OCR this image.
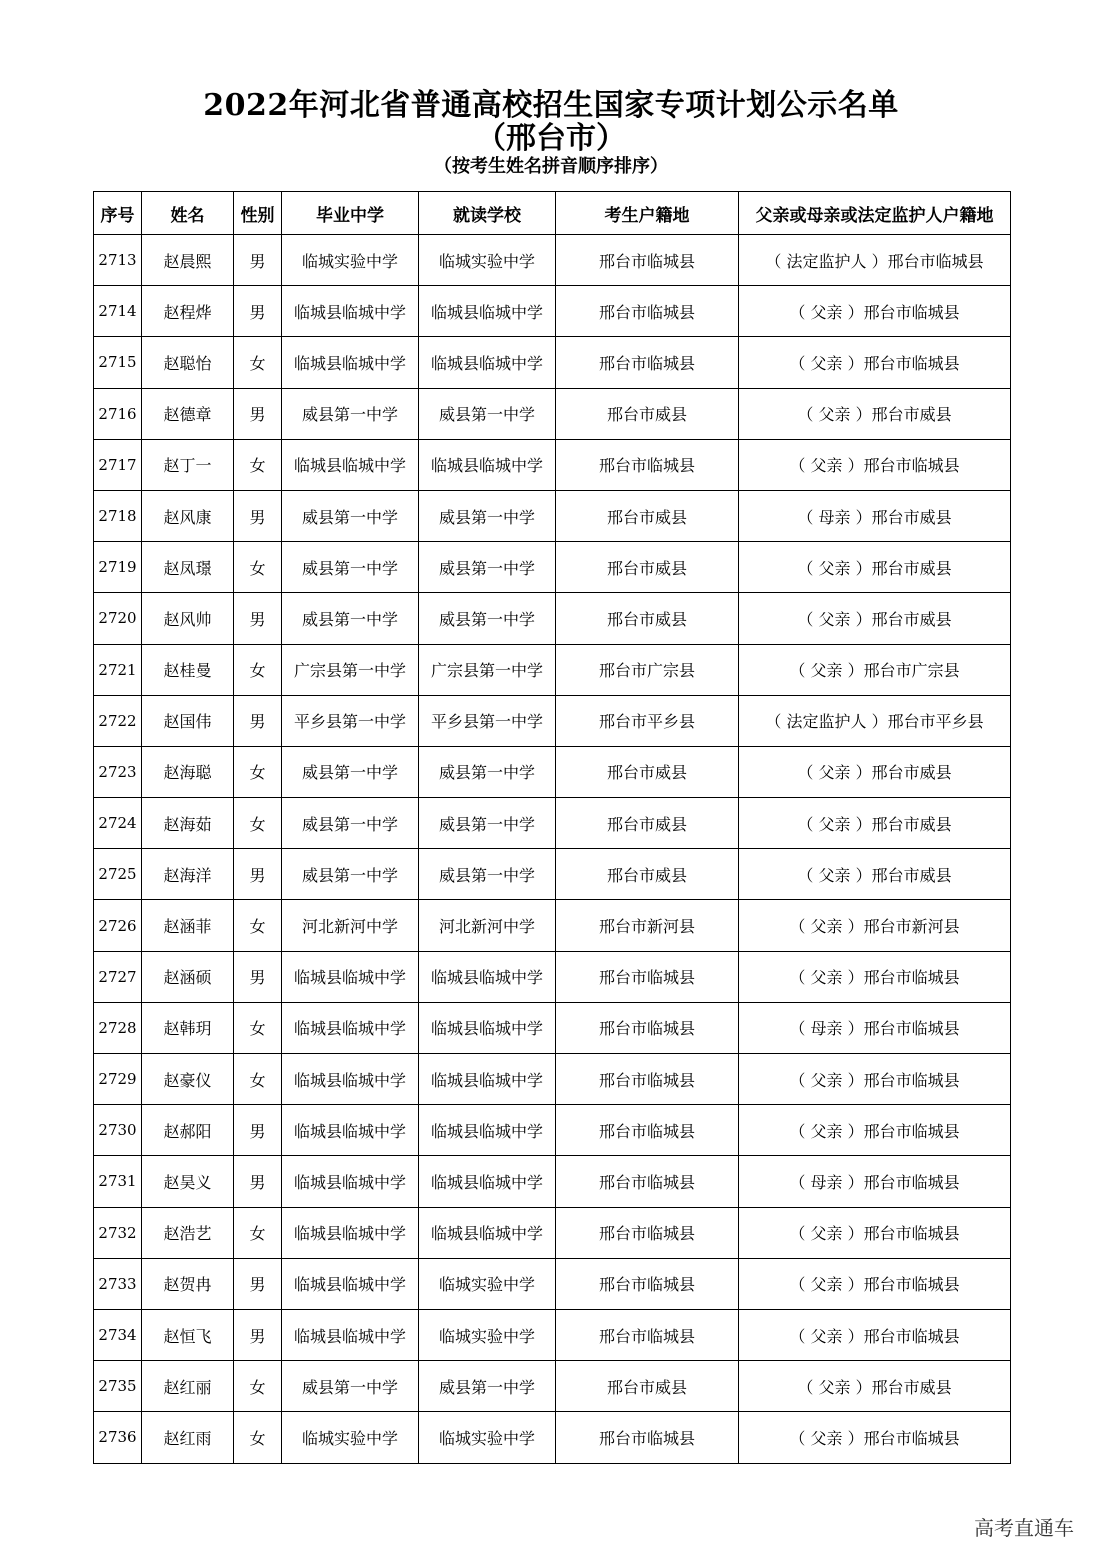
2022年河北省普通高校招生国家专项计划公示名单
（邢台市）
（按考生姓名拼音顺序排序）
序号	姓名	性别	毕业中学	就读学校	考生户籍地	父亲或母亲或法定监护人户籍地
2713	赵晨熙	男	临城实验中学	临城实验中学	邢台市临城县	（ 法定监护人 ）邢台市临城县
2714	赵程烨	男	临城县临城中学	临城县临城中学	邢台市临城县	（ 父亲 ）邢台市临城县
2715	赵聪怡	女	临城县临城中学	临城县临城中学	邢台市临城县	（ 父亲 ）邢台市临城县
2716	赵德章	男	威县第一中学	威县第一中学	邢台市威县	（ 父亲 ）邢台市威县
2717	赵丁一	女	临城县临城中学	临城县临城中学	邢台市临城县	（ 父亲 ）邢台市临城县
2718	赵风康	男	威县第一中学	威县第一中学	邢台市威县	（ 母亲 ）邢台市威县
2719	赵凤璟	女	威县第一中学	威县第一中学	邢台市威县	（ 父亲 ）邢台市威县
2720	赵风帅	男	威县第一中学	威县第一中学	邢台市威县	（ 父亲 ）邢台市威县
2721	赵桂曼	女	广宗县第一中学	广宗县第一中学	邢台市广宗县	（ 父亲 ）邢台市广宗县
2722	赵国伟	男	平乡县第一中学	平乡县第一中学	邢台市平乡县	（ 法定监护人 ）邢台市平乡县
2723	赵海聪	女	威县第一中学	威县第一中学	邢台市威县	（ 父亲 ）邢台市威县
2724	赵海茹	女	威县第一中学	威县第一中学	邢台市威县	（ 父亲 ）邢台市威县
2725	赵海洋	男	威县第一中学	威县第一中学	邢台市威县	（ 父亲 ）邢台市威县
2726	赵涵菲	女	河北新河中学	河北新河中学	邢台市新河县	（ 父亲 ）邢台市新河县
2727	赵涵硕	男	临城县临城中学	临城县临城中学	邢台市临城县	（ 父亲 ）邢台市临城县
2728	赵韩玥	女	临城县临城中学	临城县临城中学	邢台市临城县	（ 母亲 ）邢台市临城县
2729	赵豪仪	女	临城县临城中学	临城县临城中学	邢台市临城县	（ 父亲 ）邢台市临城县
2730	赵郝阳	男	临城县临城中学	临城县临城中学	邢台市临城县	（ 父亲 ）邢台市临城县
2731	赵昊义	男	临城县临城中学	临城县临城中学	邢台市临城县	（ 母亲 ）邢台市临城县
2732	赵浩艺	女	临城县临城中学	临城县临城中学	邢台市临城县	（ 父亲 ）邢台市临城县
2733	赵贺冉	男	临城县临城中学	临城实验中学	邢台市临城县	（ 父亲 ）邢台市临城县
2734	赵恒飞	男	临城县临城中学	临城实验中学	邢台市临城县	（ 父亲 ）邢台市临城县
2735	赵红丽	女	威县第一中学	威县第一中学	邢台市威县	（ 父亲 ）邢台市威县
2736	赵红雨	女	临城实验中学	临城实验中学	邢台市临城县	（ 父亲 ）邢台市临城县
高考直通车
